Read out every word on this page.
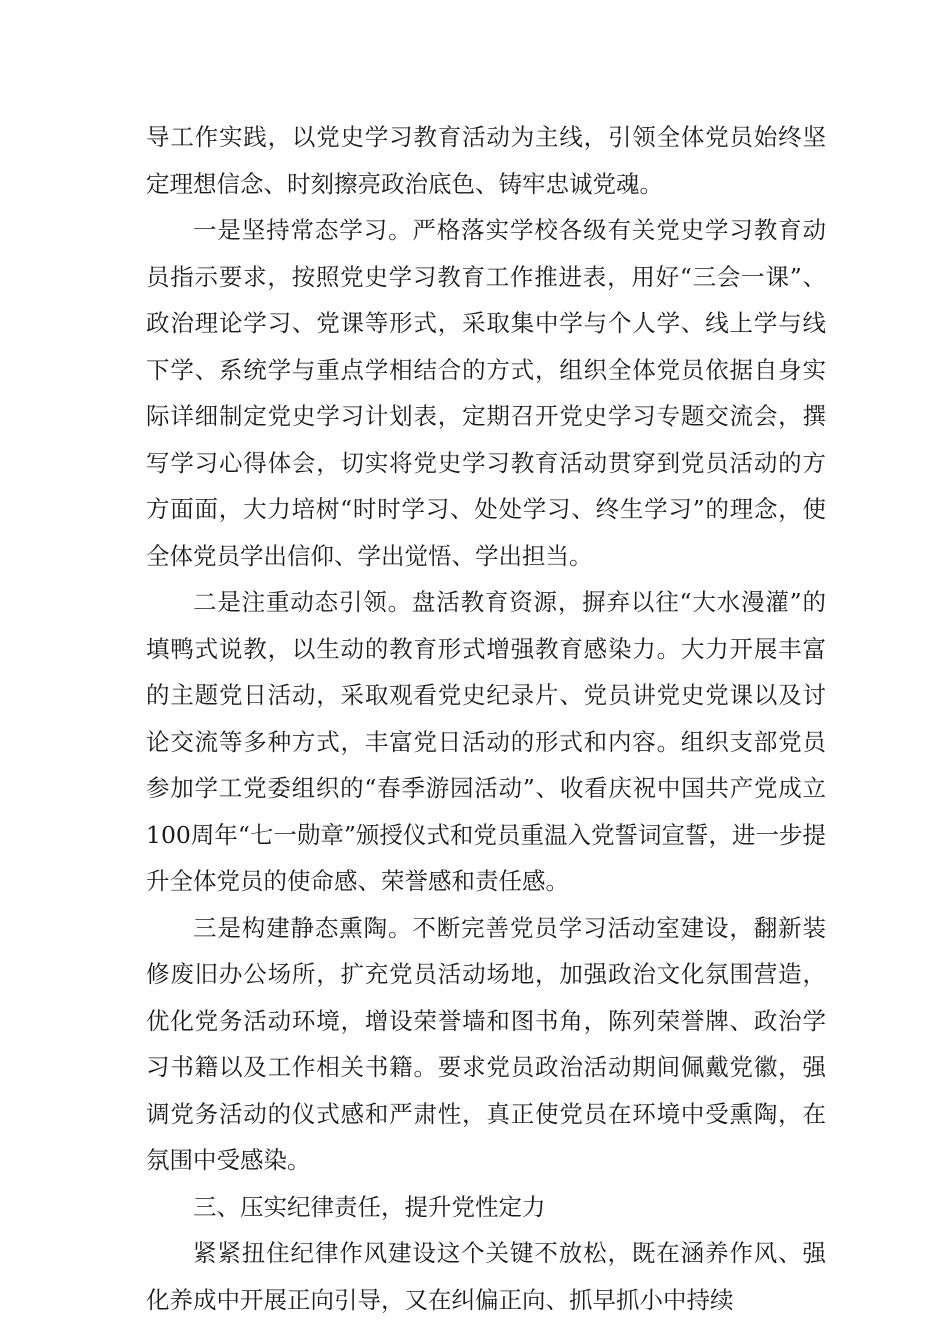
导工作实践，以党史学习教育活动为主线，引领全体党员始终坚定理想信念、时刻擦亮政治底色、铸牢忠诚党魂。

一是坚持常态学习。严格落实学校各级有关党史学习教育动员指示要求，按照党史学习教育工作推进表，用好“三会一课”、政治理论学习、党课等形式，采取集中学与个人学、线上学与线下学、系统学与重点学相结合的方式，组织全体党员依据自身实际详细制定党史学习计划表，定期召开党史学习专题交流会，撰写学习心得体会，切实将党史学习教育活动贯穿到党员活动的方方面面，大力培树“时时学习、处处学习、终生学习”的理念，使全体党员学出信仰、学出觉悟、学出担当。

二是注重动态引领。盘活教育资源，摒弃以往“大水漫灌”的填鸭式说教，以生动的教育形式增强教育感染力。大力开展丰富的主题党日活动，采取观看党史纪录片、党员讲党史党课以及讨论交流等多种方式，丰富党日活动的形式和内容。组织支部党员参加学工党委组织的“春季游园活动”、收看庆祝中国共产党成立100周年“七一勋章”颁授仪式和党员重温入党誓词宣誓，进一步提升全体党员的使命感、荣誉感和责任感。

三是构建静态熏陶。不断完善党员学习活动室建设，翻新装修废旧办公场所，扩充党员活动场地，加强政治文化氛围营造，优化党务活动环境，增设荣誉墙和图书角，陈列荣誉牌、政治学习书籍以及工作相关书籍。要求党员政治活动期间佩戴党徽，强调党务活动的仪式感和严肃性，真正使党员在环境中受熏陶，在氛围中受感染。

三、压实纪律责任，提升党性定力

紧紧扭住纪律作风建设这个关键不放松，既在涵养作风、强化养成中开展正向引导，又在纠偏正向、抓早抓小中持续
